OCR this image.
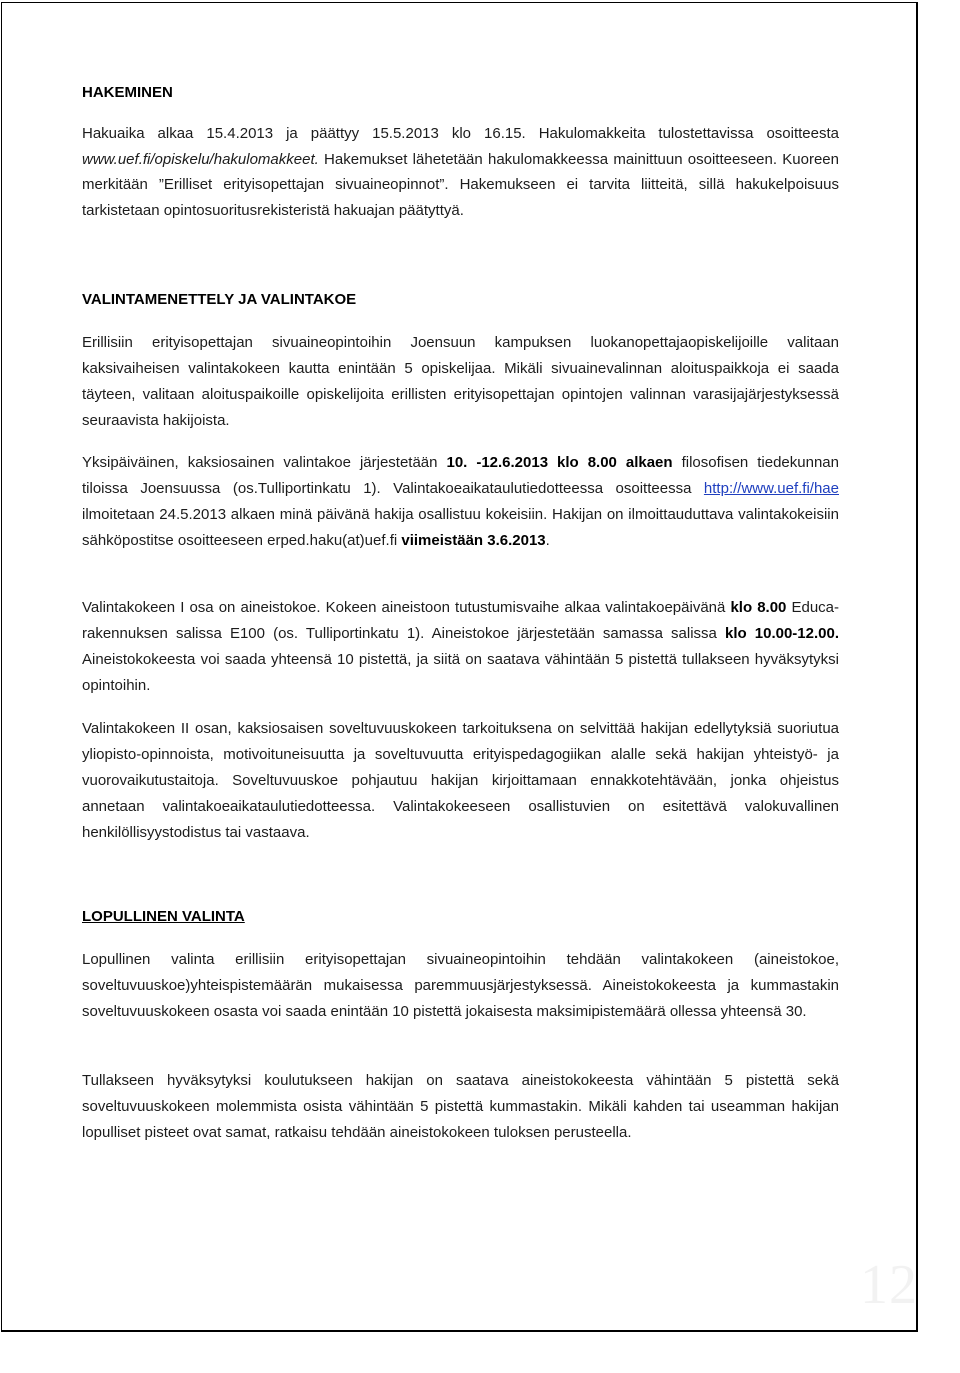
HAKEMINEN
Hakuaika alkaa 15.4.2013 ja päättyy 15.5.2013 klo 16.15. Hakulomakkeita tulostettavissa osoitteesta www.uef.fi/opiskelu/hakulomakkeet. Hakemukset lähetetään hakulomakkeessa mainittuun osoitteeseen. Kuoreen merkitään ”Erilliset erityisopettajan sivuaineopinnot”. Hakemukseen ei tarvita liitteitä, sillä hakukelpoisuus tarkistetaan opintosuoritusrekisteristä hakuajan päätyttyä.
VALINTAMENETTELY JA VALINTAKOE
Erillisiin erityisopettajan sivuaineopintoihin Joensuun kampuksen luokanopettajaopiskelijoille valitaan kaksivaiheisen valintakokeen kautta enintään 5 opiskelijaa. Mikäli sivuainevalinnan aloituspaikkoja ei saada täyteen, valitaan aloituspaikoille opiskelijoita erillisten erityisopettajan opintojen valinnan varasijajärjestyksessä seuraavista hakijoista.
Yksipäiväinen, kaksiosainen valintakoe järjestetään 10. -12.6.2013 klo 8.00 alkaen filosofisen tiedekunnan tiloissa Joensuussa (os.Tulliportinkatu 1). Valintakoeaikataulutiedotteessa osoitteessa http://www.uef.fi/hae ilmoitetaan 24.5.2013 alkaen minä päivänä hakija osallistuu kokeisiin. Hakijan on ilmoittauduttava valintakokeisiin sähköpostitse osoitteeseen erped.haku(at)uef.fi viimeistään 3.6.2013.
Valintakokeen I osa on aineistokoe. Kokeen aineistoon tutustumisvaihe alkaa valintakoepäivänä klo 8.00 Educa-rakennuksen salissa E100 (os. Tulliportinkatu 1). Aineistokoe järjestetään samassa salissa klo 10.00-12.00. Aineistokokeesta voi saada yhteensä 10 pistettä, ja siitä on saatava vähintään 5 pistettä tullakseen hyväksytyksi opintoihin.
Valintakokeen II osan, kaksiosaisen soveltuvuuskokeen tarkoituksena on selvittää hakijan edellytyksiä suoriutua yliopisto-opinnoista, motivoituneisuutta ja soveltuvuutta erityispedagogiikan alalle sekä hakijan yhteistyö- ja vuorovaikutustaitoja. Soveltuvuuskoe pohjautuu hakijan kirjoittamaan ennakkotehtävään, jonka ohjeistus annetaan valintakoeaikataulutiedotteessa. Valintakokeeseen osallistuvien on esitettävä valokuvallinen henkilöllisyystodistus tai vastaava.
LOPULLINEN VALINTA
Lopullinen valinta erillisiin erityisopettajan sivuaineopintoihin tehdään valintakokeen (aineistokoe, soveltuvuuskoe)yhteispistemäärän mukaisessa paremmuusjärjestyksessä. Aineistokokeesta ja kummastakin soveltuvuuskokeen osasta voi saada enintään 10 pistettä jokaisesta maksimipistemäärä ollessa yhteensä 30.
Tullakseen hyväksytyksi koulutukseen hakijan on saatava aineistokokeesta vähintään 5 pistettä sekä soveltuvuuskokeen molemmista osista vähintään 5 pistettä kummastakin. Mikäli kahden tai useamman hakijan lopulliset pisteet ovat samat, ratkaisu tehdään aineistokokeen tuloksen perusteella.
12
